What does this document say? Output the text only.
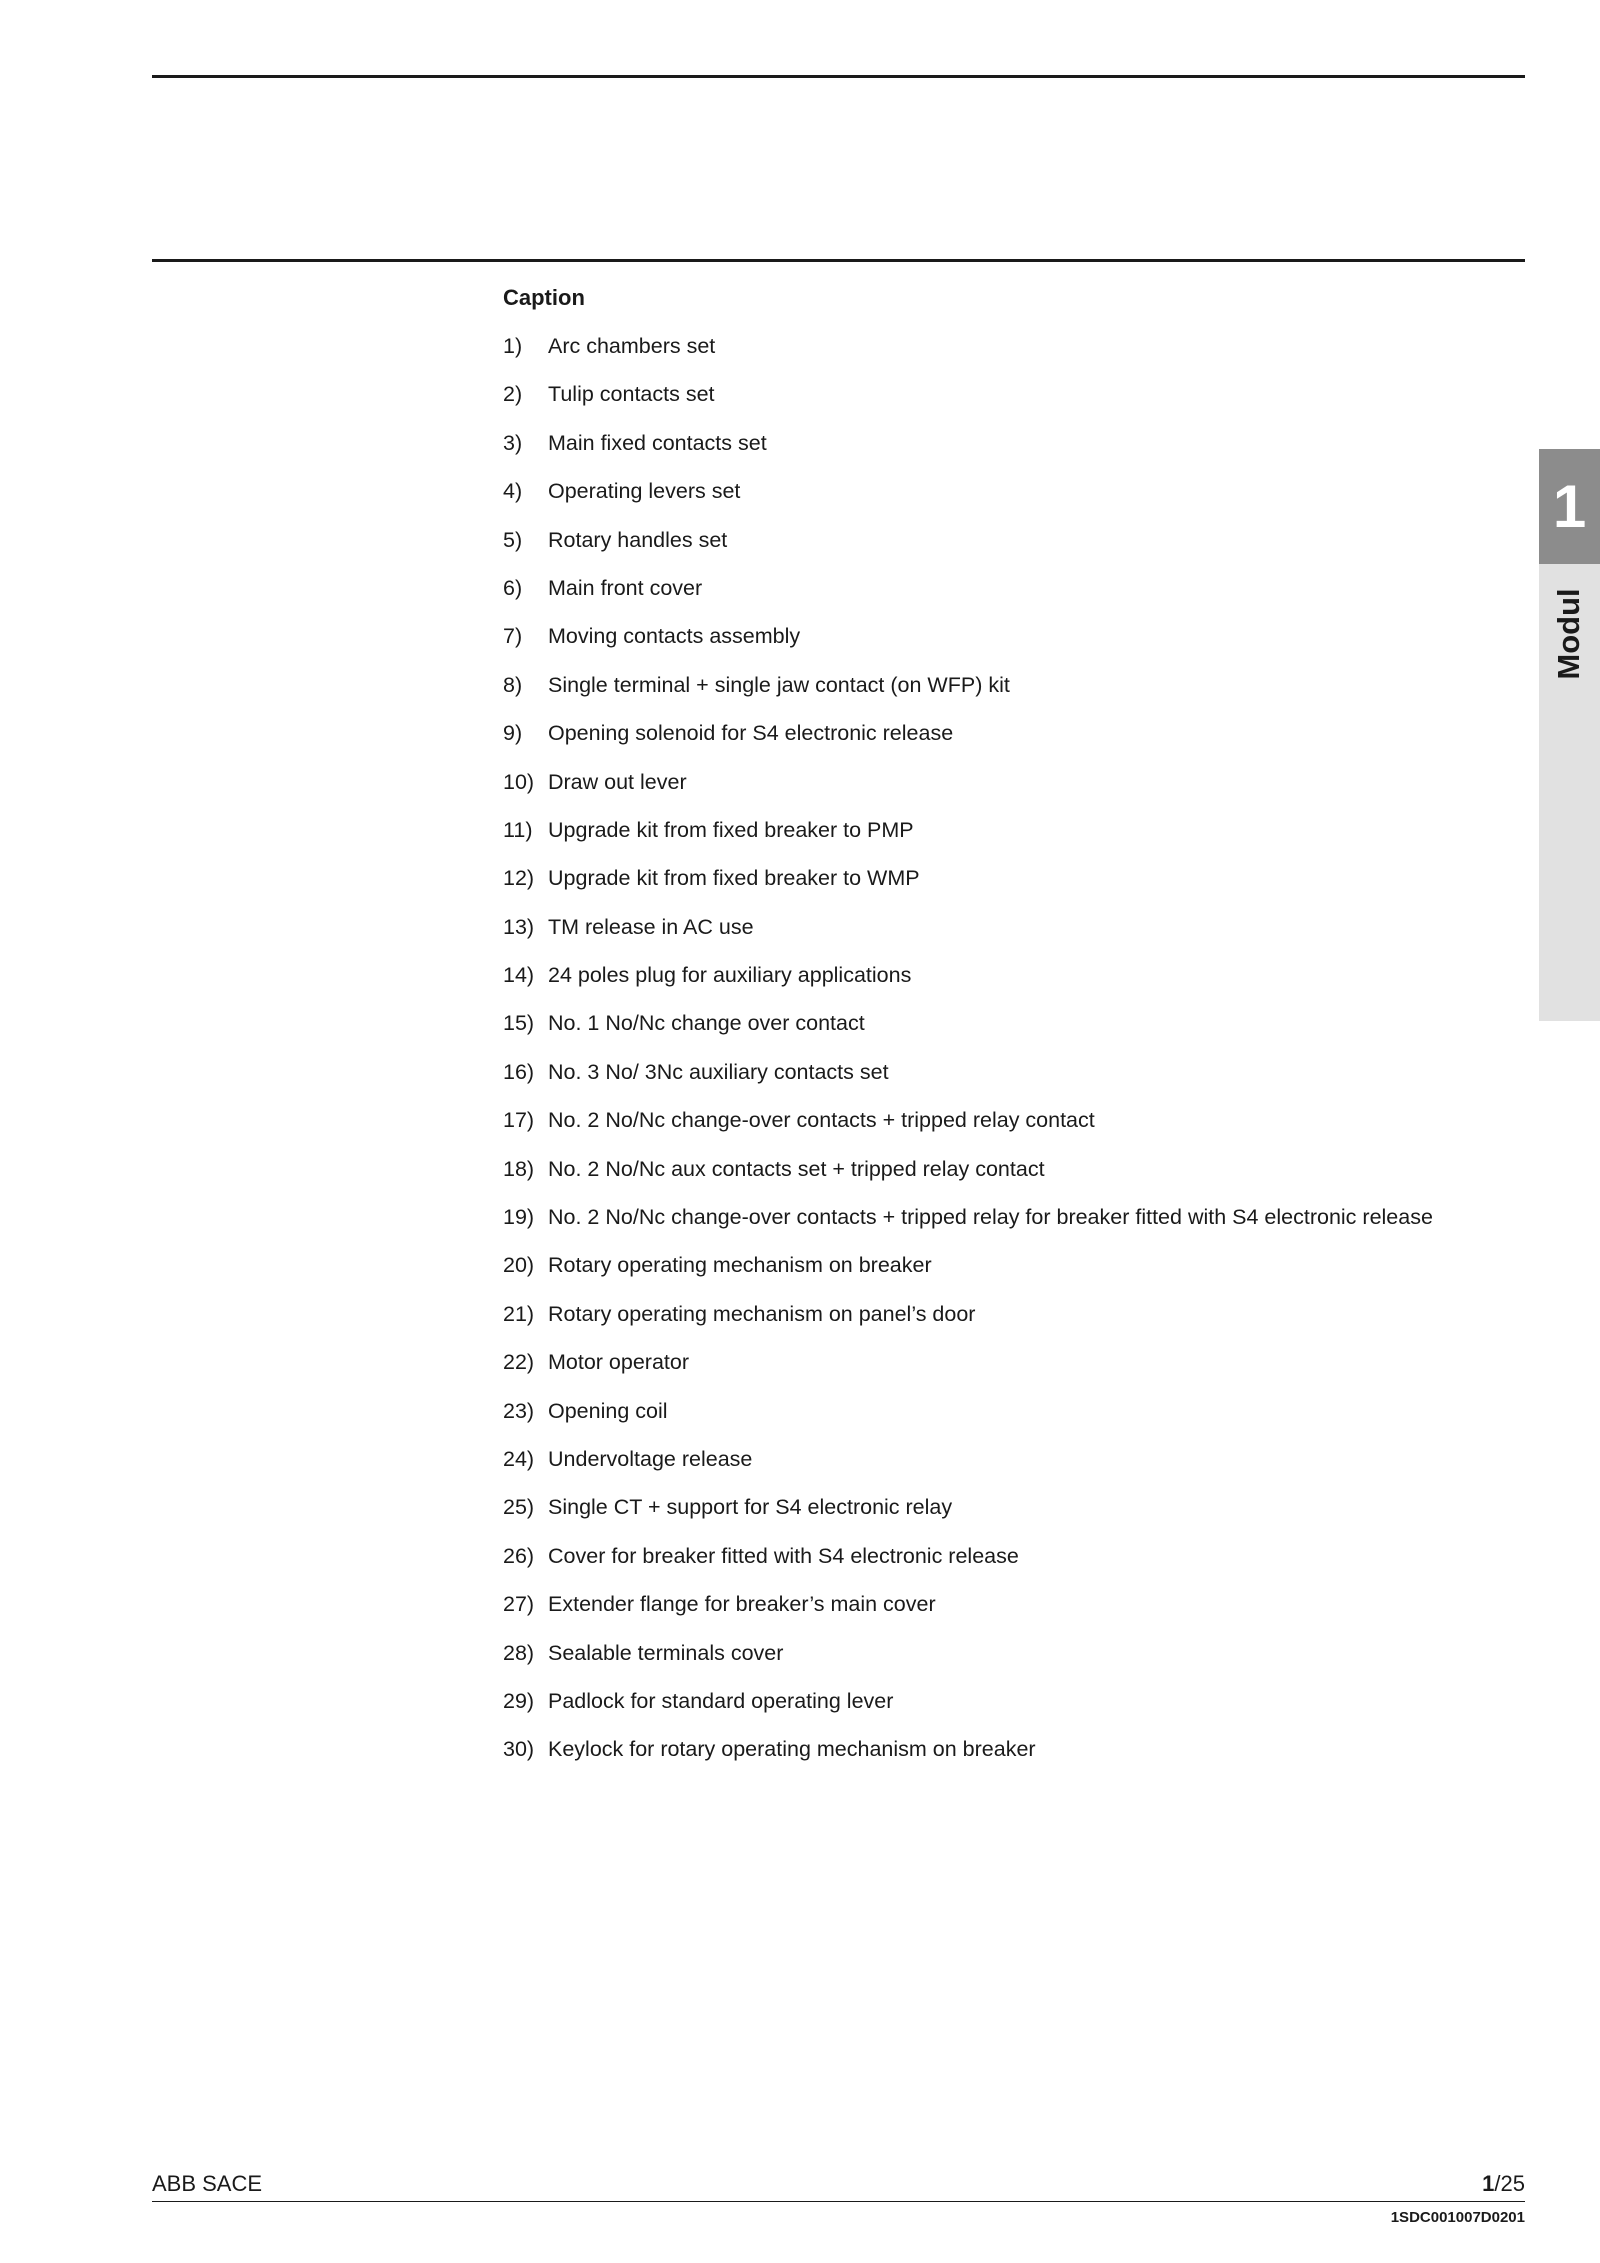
Caption
1)	Arc chambers set
2)	Tulip contacts set
3)	Main fixed contacts set
4)	Operating levers set
5)	Rotary handles set
6)	Main front cover
7)	Moving contacts assembly
8)	Single terminal + single jaw contact (on WFP) kit
9)	Opening solenoid for S4 electronic release
10) Draw out lever
11) Upgrade kit from fixed breaker to PMP
12) Upgrade kit from fixed breaker to WMP
13) TM release in AC use
14) 24 poles plug for auxiliary applications
15) No. 1 No/Nc change over contact
16) No. 3 No/ 3Nc auxiliary contacts set
17) No. 2 No/Nc change-over contacts + tripped relay contact
18) No. 2 No/Nc aux contacts set + tripped relay contact
19) No. 2 No/Nc change-over contacts + tripped relay for breaker fitted with S4 electronic release
20) Rotary operating mechanism on breaker
21) Rotary operating mechanism on panel’s door
22) Motor operator
23) Opening coil
24) Undervoltage release
25) Single CT + support for S4 electronic relay
26) Cover for breaker fitted with S4 electronic release
27) Extender flange for breaker’s main cover
28) Sealable terminals cover
29) Padlock for standard operating lever
30) Keylock for rotary operating mechanism on breaker
1
Modul
ABB SACE	1/25
1SDC001007D0201
